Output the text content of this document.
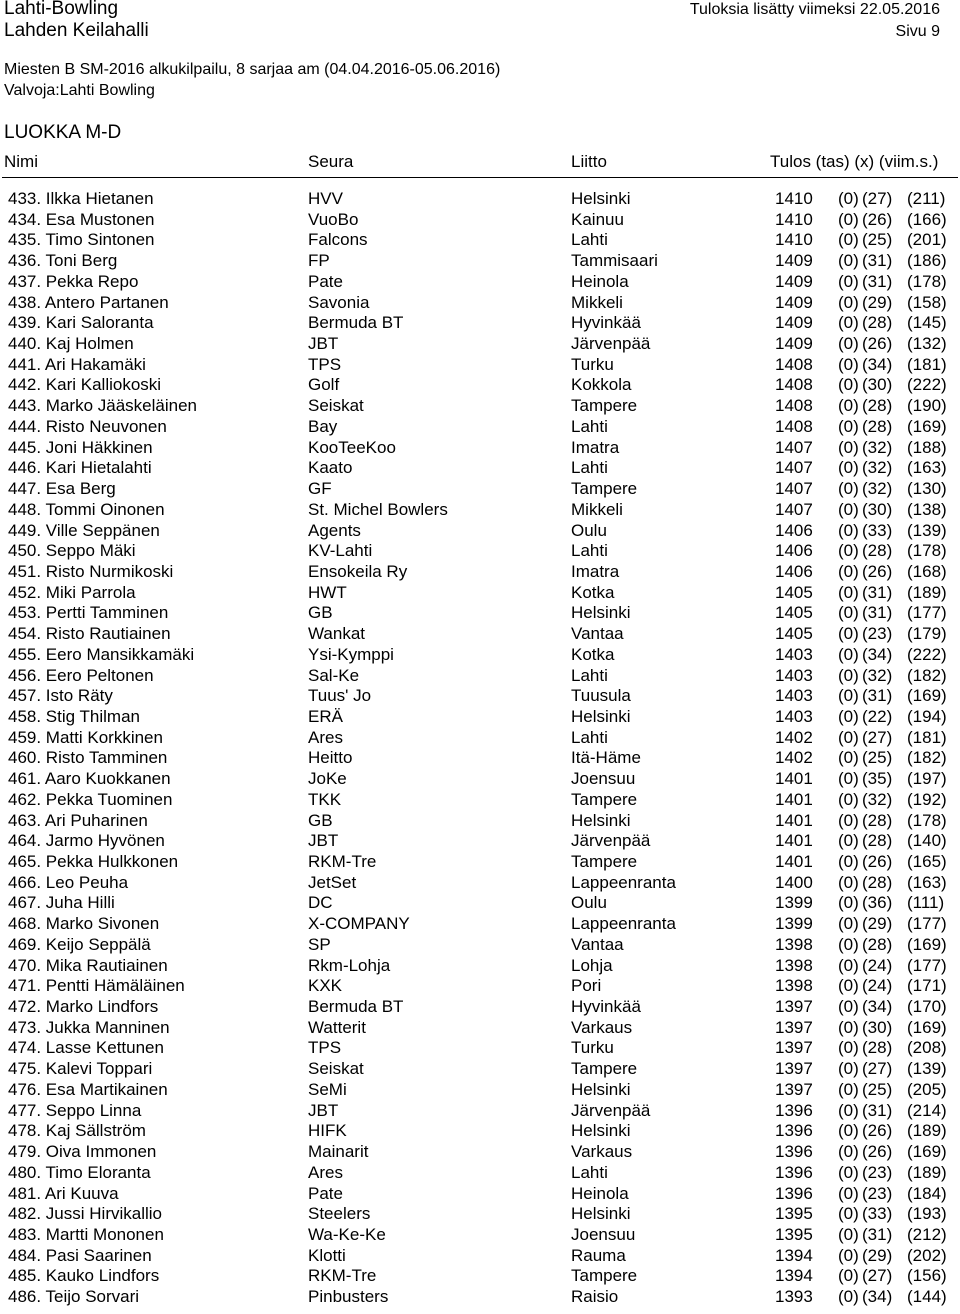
Lahti-Bowling	Tuloksia lisätty viimeksi 22.05.2016
Lahden Keilahalli	Sivu 9
Miesten B SM-2016 alkukilpailu, 8 sarjaa am (04.04.2016-05.06.2016)
Valvoja:Lahti Bowling
LUOKKA M-D
Nimi	Seura	Liitto	Tulos (tas) (x) (viim.s.)
433. Ilkka Hietanen	HVV	Helsinki	1410 (0) (27) (211)
434. Esa Mustonen	VuoBo	Kainuu	1410 (0) (26) (166)
435. Timo Sintonen	Falcons	Lahti	1410 (0) (25) (201)
436. Toni Berg	FP	Tammisaari	1409 (0) (31) (186)
437. Pekka Repo	Pate	Heinola	1409 (0) (31) (178)
438. Antero Partanen	Savonia	Mikkeli	1409 (0) (29) (158)
439. Kari Saloranta	Bermuda BT	Hyvinkää	1409 (0) (28) (145)
440. Kaj Holmen	JBT	Järvenpää	1409 (0) (26) (132)
441. Ari Hakamäki	TPS	Turku	1408 (0) (34) (181)
442. Kari Kalliokoski	Golf	Kokkola	1408 (0) (30) (222)
443. Marko Jääskeläinen	Seiskat	Tampere	1408 (0) (28) (190)
444. Risto Neuvonen	Bay	Lahti	1408 (0) (28) (169)
445. Joni Häkkinen	KooTeeKoo	Imatra	1407 (0) (32) (188)
446. Kari Hietalahti	Kaato	Lahti	1407 (0) (32) (163)
447. Esa Berg	GF	Tampere	1407 (0) (32) (130)
448. Tommi Oinonen	St. Michel Bowlers	Mikkeli	1407 (0) (30) (138)
449. Ville Seppänen	Agents	Oulu	1406 (0) (33) (139)
450. Seppo Mäki	KV-Lahti	Lahti	1406 (0) (28) (178)
451. Risto Nurmikoski	Ensokeila Ry	Imatra	1406 (0) (26) (168)
452. Miki Parrola	HWT	Kotka	1405 (0) (31) (189)
453. Pertti Tamminen	GB	Helsinki	1405 (0) (31) (177)
454. Risto Rautiainen	Wankat	Vantaa	1405 (0) (23) (179)
455. Eero Mansikkamäki	Ysi-Kymppi	Kotka	1403 (0) (34) (222)
456. Eero Peltonen	Sal-Ke	Lahti	1403 (0) (32) (182)
457. Isto Räty	Tuus' Jo	Tuusula	1403 (0) (31) (169)
458. Stig Thilman	ERÄ	Helsinki	1403 (0) (22) (194)
459. Matti Korkkinen	Ares	Lahti	1402 (0) (27) (181)
460. Risto Tamminen	Heitto	Itä-Häme	1402 (0) (25) (182)
461. Aaro Kuokkanen	JoKe	Joensuu	1401 (0) (35) (197)
462. Pekka Tuominen	TKK	Tampere	1401 (0) (32) (192)
463. Ari Puharinen	GB	Helsinki	1401 (0) (28) (178)
464. Jarmo Hyvönen	JBT	Järvenpää	1401 (0) (28) (140)
465. Pekka Hulkkonen	RKM-Tre	Tampere	1401 (0) (26) (165)
466. Leo Peuha	JetSet	Lappeenranta	1400 (0) (28) (163)
467. Juha Hilli	DC	Oulu	1399 (0) (36) (111)
468. Marko Sivonen	X-COMPANY	Lappeenranta	1399 (0) (29) (177)
469. Keijo Seppälä	SP	Vantaa	1398 (0) (28) (169)
470. Mika Rautiainen	Rkm-Lohja	Lohja	1398 (0) (24) (177)
471. Pentti Hämäläinen	KXK	Pori	1398 (0) (24) (171)
472. Marko Lindfors	Bermuda BT	Hyvinkää	1397 (0) (34) (170)
473. Jukka Manninen	Watterit	Varkaus	1397 (0) (30) (169)
474. Lasse Kettunen	TPS	Turku	1397 (0) (28) (208)
475. Kalevi Toppari	Seiskat	Tampere	1397 (0) (27) (139)
476. Esa Martikainen	SeMi	Helsinki	1397 (0) (25) (205)
477. Seppo Linna	JBT	Järvenpää	1396 (0) (31) (214)
478. Kaj Sällström	HIFK	Helsinki	1396 (0) (26) (189)
479. Oiva Immonen	Mainarit	Varkaus	1396 (0) (26) (169)
480. Timo Eloranta	Ares	Lahti	1396 (0) (23) (189)
481. Ari Kuuva	Pate	Heinola	1396 (0) (23) (184)
482. Jussi Hirvikallio	Steelers	Helsinki	1395 (0) (33) (193)
483. Martti Mononen	Wa-Ke-Ke	Joensuu	1395 (0) (31) (212)
484. Pasi Saarinen	Klotti	Rauma	1394 (0) (29) (202)
485. Kauko Lindfors	RKM-Tre	Tampere	1394 (0) (27) (156)
486. Teijo Sorvari	Pinbusters	Raisio	1393 (0) (34) (144)
